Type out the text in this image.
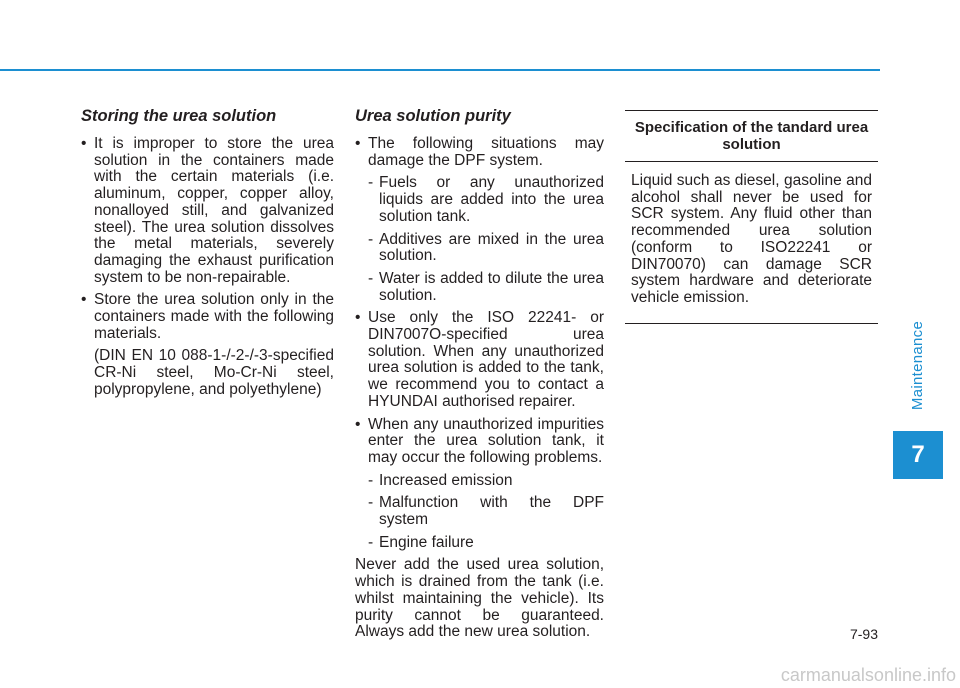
Storing the urea solution

• It is improper to store the urea solution in the containers made with the certain materials (i.e. aluminum, copper, copper alloy, nonalloyed still, and galvanized steel). The urea solution dissolves the metal materials, severely damaging the exhaust purification system to be non-repairable.

• Store the urea solution only in the containers made with the following materials.

(DIN EN 10 088-1-/-2-/-3-specified CR-Ni steel, Mo-Cr-Ni steel, polypropylene, and polyethylene)

Urea solution purity

• The following situations may damage the DPF system.

- Fuels or any unauthorized liquids are added into the urea solution tank.

- Additives are mixed in the urea solution.

- Water is added to dilute the urea solution.

• Use only the ISO 22241- or DIN7007O-specified urea solution. When any unauthorized urea solution is added to the tank, we recommend you to contact a HYUNDAI authorised repairer.

• When any unauthorized impurities enter the urea solution tank, it may occur the following problems.

- Increased emission

- Malfunction with the DPF system

- Engine failure

Never add the used urea solution, which is drained from the tank (i.e. whilst maintaining the vehicle). Its purity cannot be guaranteed. Always add the new urea solution.

Specification of the tandard urea solution
Liquid such as diesel, gasoline and alcohol shall never be used for SCR system. Any fluid other than recommended urea solution (conform to ISO22241 or DIN70070) can damage SCR system hardware and deteriorate vehicle emission.
Maintenance
7
7-93
carmanualsonline.info
